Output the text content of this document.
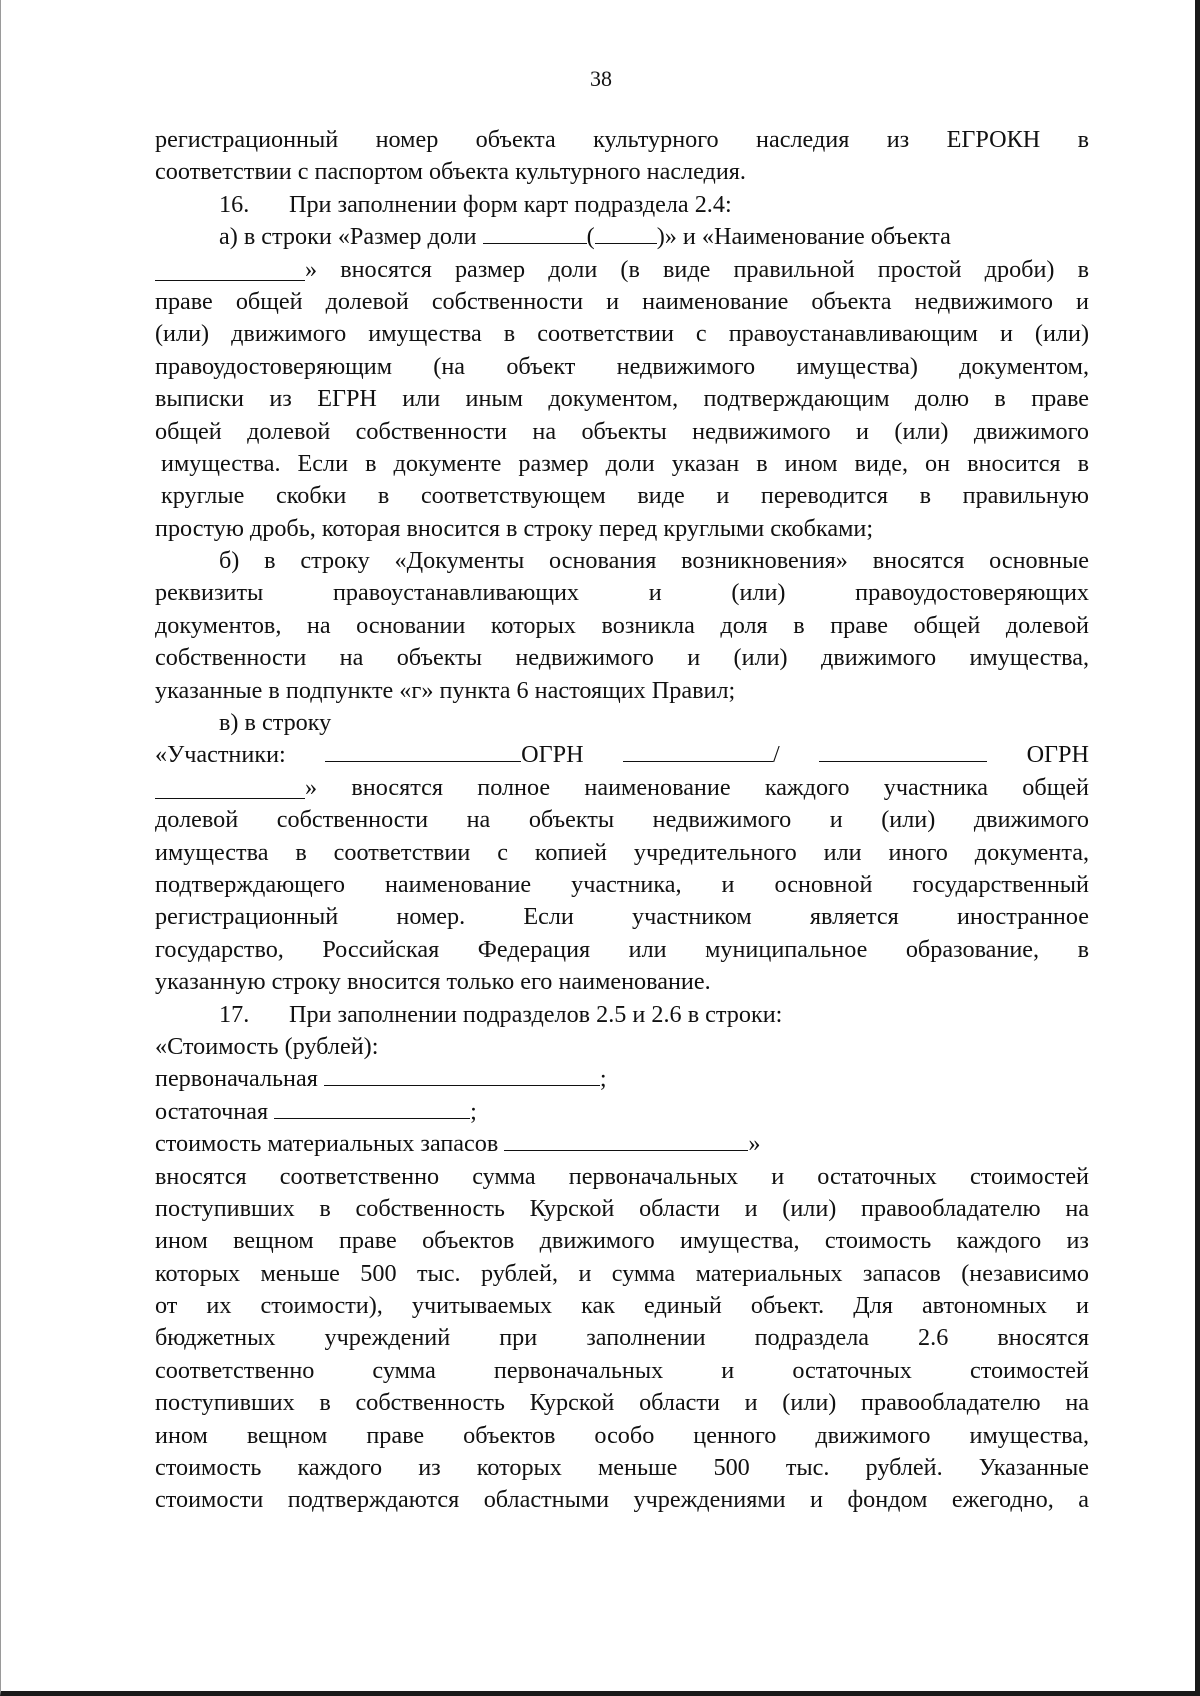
38
регистрационный номер объекта культурного наследия из ЕГРОКН в
соответствии с паспортом объекта культурного наследия.
16. При заполнении форм карт подраздела 2.4:
а) в строки «Размер доли	(	)» и «Наименование объекта
» вносятся размер доли (в виде правильной простой дроби) в
праве общей долевой собственности и наименование объекта недвижимого и
(или) движимого имущества в соответствии с правоустанавливающим и (или)
правоудостоверяющим (на объект недвижимого имущества) документом,
выписки из ЕГРН или иным документом, подтверждающим долю в праве
общей долевой собственности на объекты недвижимого и (или) движимого
имущества. Если в документе размер доли указан в ином виде, он вносится в
круглые скобки в соответствующем виде и переводится в правильную
простую дробь, которая вносится в строку перед круглыми скобками;
б) в строку «Документы основания возникновения» вносятся основные
реквизиты правоустанавливающих и (или) правоудостоверяющих
документов, на основании которых возникла доля в праве общей долевой
собственности на объекты недвижимого и (или) движимого имущества,
указанные в подпункте «г» пункта 6 настоящих Правил;
в) в строку
«Участники:	ОГРН	/	ОГРН
» вносятся полное наименование каждого участника общей
долевой собственности на объекты недвижимого и (или) движимого
имущества в соответствии с копией учредительного или иного документа,
подтверждающего наименование участника, и основной государственный
регистрационный номер. Если участником является иностранное
государство, Российская Федерация или муниципальное образование, в
указанную строку вносится только его наименование.
17. При заполнении подразделов 2.5 и 2.6 в строки:
«Стоимость (рублей):
первоначальная	;
остаточная	;
стоимость материальных запасов	»
вносятся соответственно сумма первоначальных и остаточных стоимостей
поступивших в собственность Курской области и (или) правообладателю на
ином вещном праве объектов движимого имущества, стоимость каждого из
которых меньше 500 тыс. рублей, и сумма материальных запасов (независимо
от их стоимости), учитываемых как единый объект. Для автономных и
бюджетных учреждений при заполнении подраздела 2.6 вносятся
соответственно сумма первоначальных и остаточных стоимостей
поступивших в собственность Курской области и (или) правообладателю на
ином вещном праве объектов особо ценного движимого имущества,
стоимость каждого из которых меньше 500 тыс. рублей. Указанные
стоимости подтверждаются областными учреждениями и фондом ежегодно, а
